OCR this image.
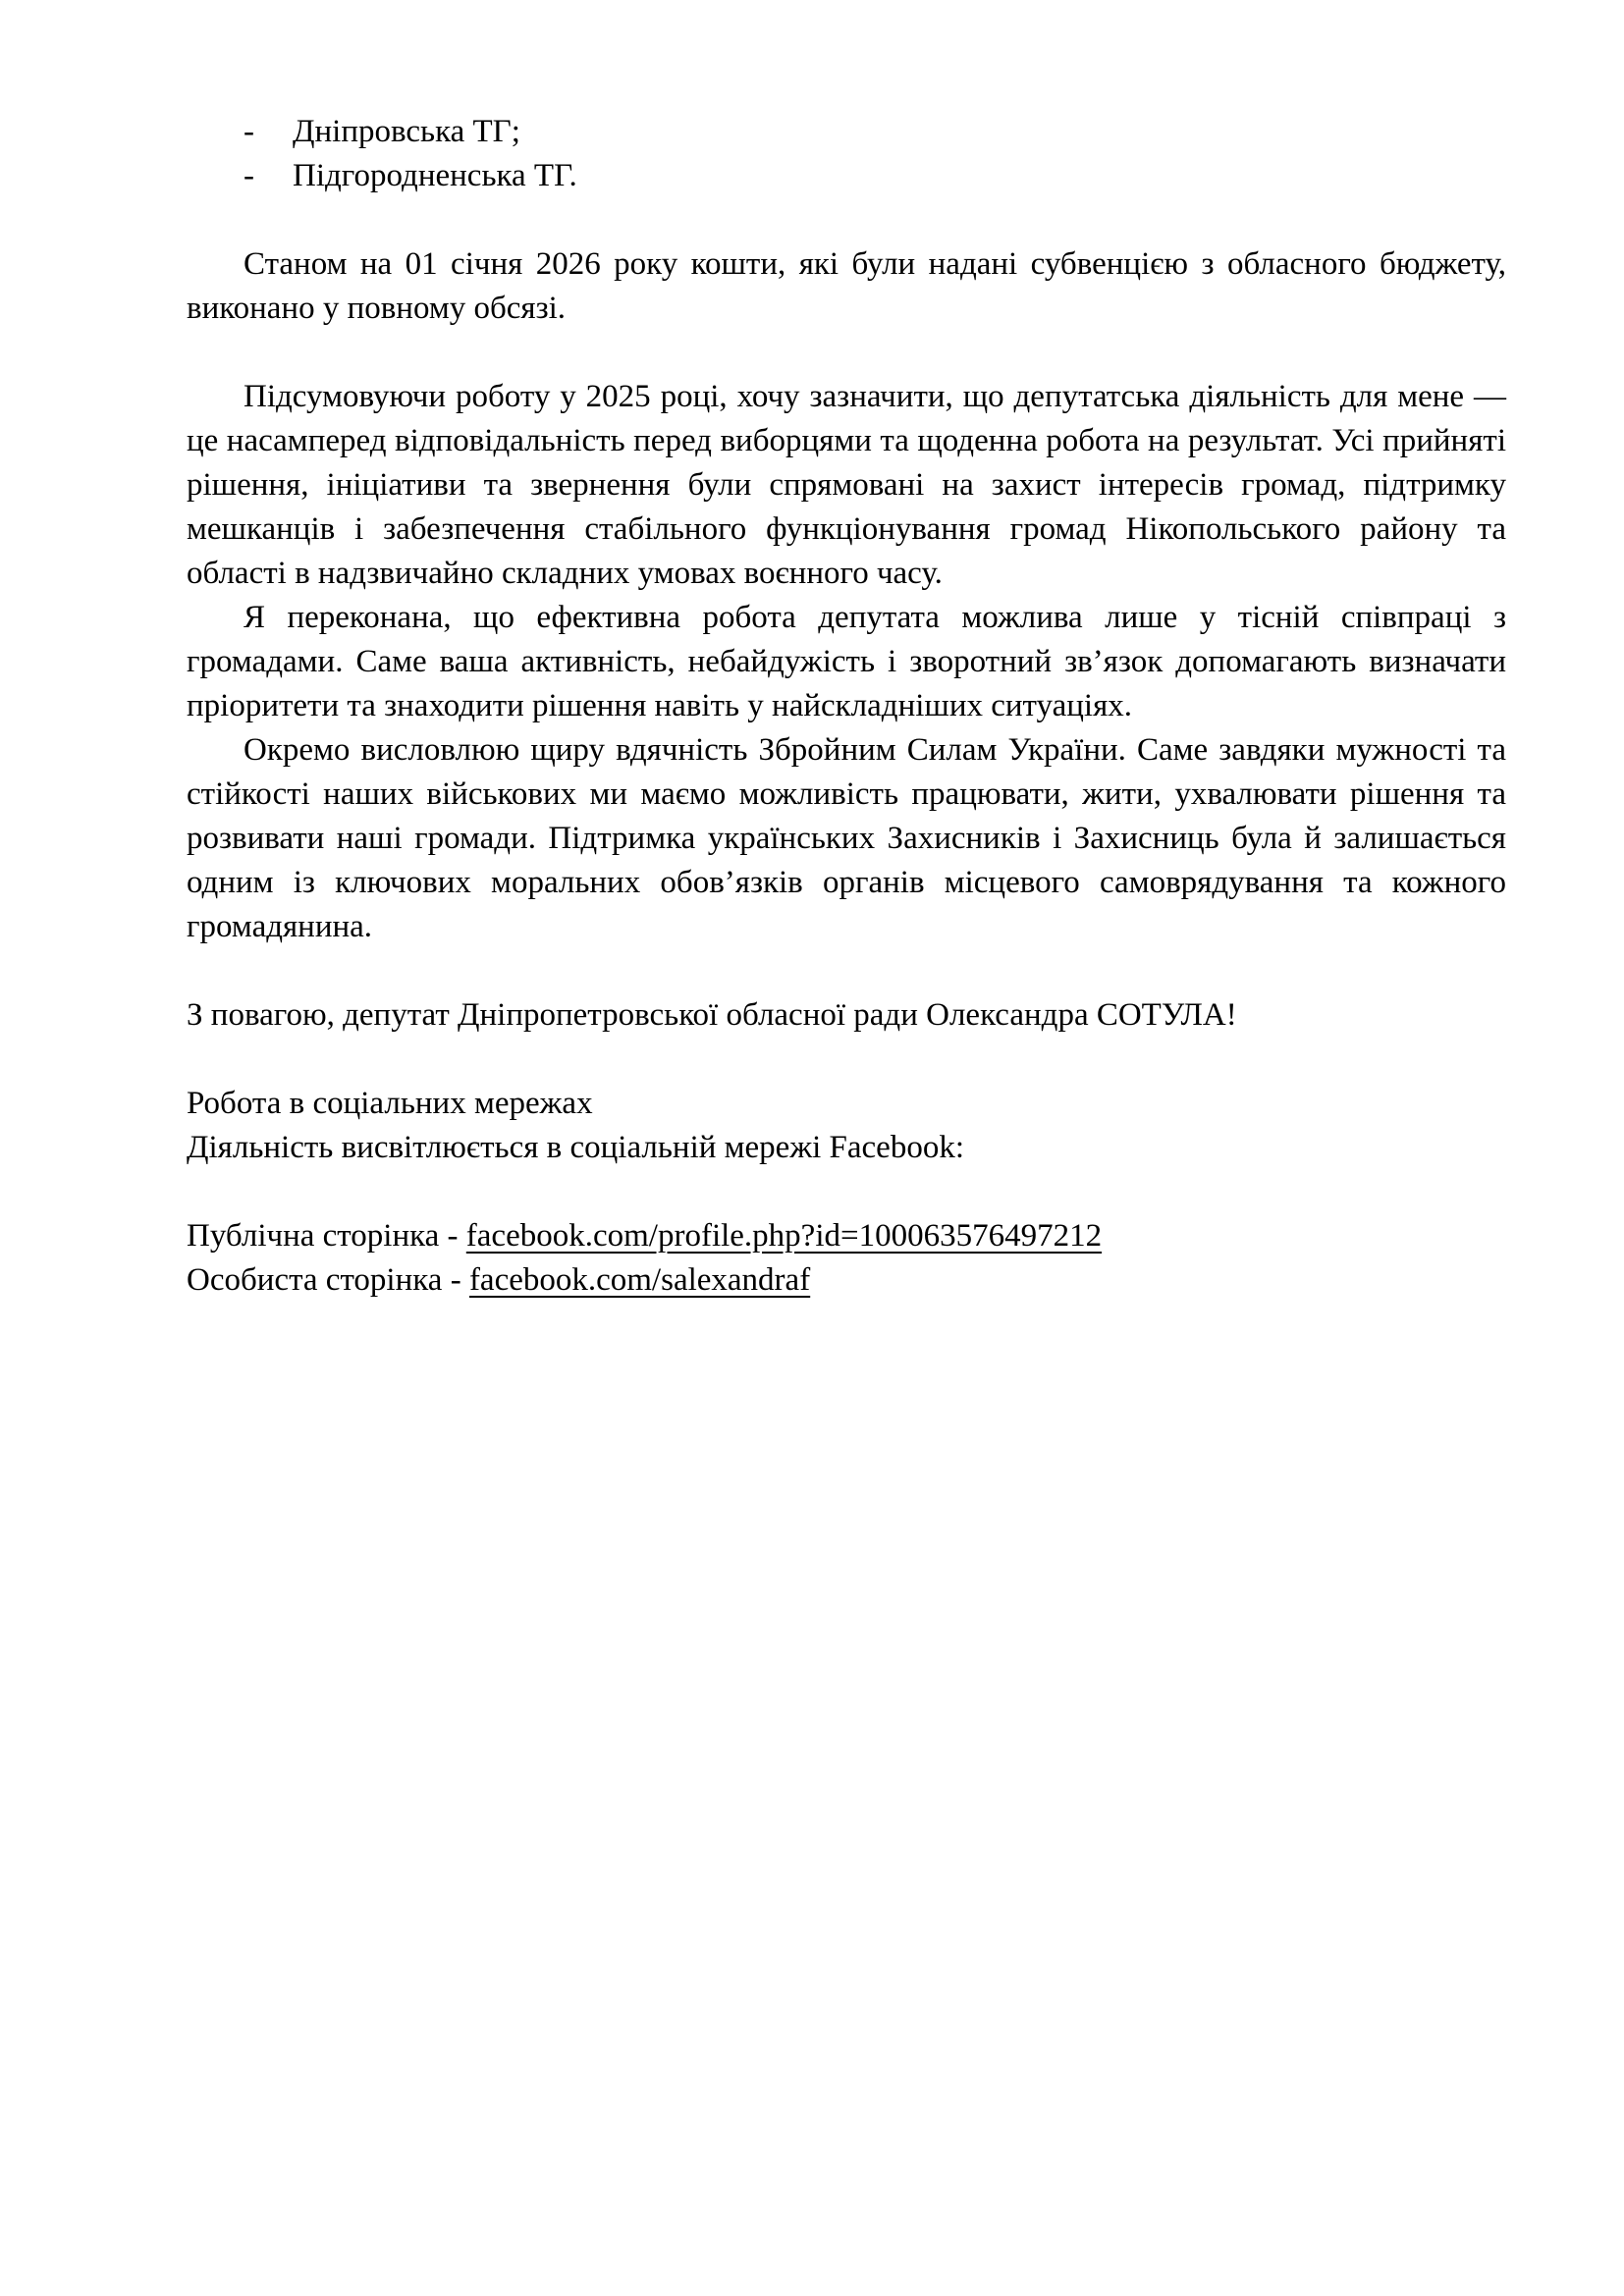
- Дніпровська ТГ;
- Підгородненська ТГ.

Станом на 01 січня 2026 року кошти, які були надані субвенцією з обласного бюджету, виконано у повному обсязі.

Підсумовуючи роботу у 2025 році, хочу зазначити, що депутатська діяльність для мене — це насамперед відповідальність перед виборцями та щоденна робота на результат. Усі прийняті рішення, ініціативи та звернення були спрямовані на захист інтересів громад, підтримку мешканців і забезпечення стабільного функціонування громад Нікопольського району та області в надзвичайно складних умовах воєнного часу.

Я переконана, що ефективна робота депутата можлива лише у тісній співпраці з громадами. Саме ваша активність, небайдужість і зворотний зв’язок допомагають визначати пріоритети та знаходити рішення навіть у найскладніших ситуаціях.

Окремо висловлюю щиру вдячність Збройним Силам України. Саме завдяки мужності та стійкості наших військових ми маємо можливість працювати, жити, ухвалювати рішення та розвивати наші громади. Підтримка українських Захисників і Захисниць була й залишається одним із ключових моральних обов’язків органів місцевого самоврядування та кожного громадянина.

З повагою, депутат Дніпропетровської обласної ради Олександра СОТУЛА!

Робота в соціальних мережах

Діяльність висвітлюється в соціальній мережі Facebook:

Публічна сторінка - facebook.com/profile.php?id=100063576497212
Особиста сторінка - facebook.com/salexandraf
